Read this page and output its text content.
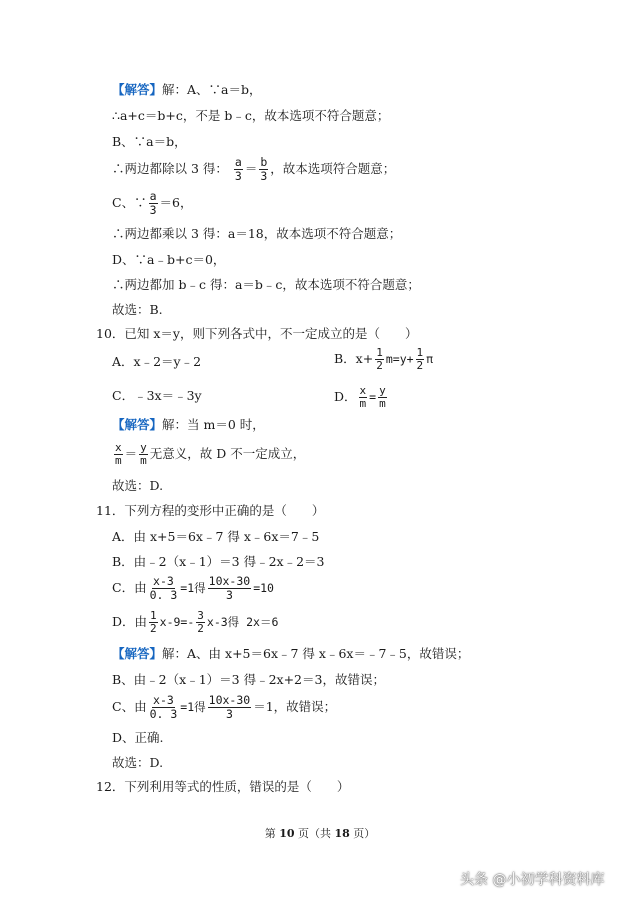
【解答】解：A、∵a＝b，
∴a+c＝b+c，不是 b﹣c，故本选项不符合题意；
B、∵a＝b，
∴两边都除以 3 得： $\frac{a}{3} = \frac{b}{3}$ ，故本选项符合题意；
C、∵ $\frac{a}{3} =6$，
∴两边都乘以 3 得：a＝18，故本选项不符合题意；
D、∵a﹣b+c＝0，
∴两边都加 b﹣c 得：a＝b﹣c，故本选项不符合题意；
故选：B.
10．已知 x＝y，则下列各式中，不一定成立的是（　　）
A．x﹣2＝y﹣2	B．$x+ \frac{1}{2} m=y+ \frac{1}{2}$ π
C．﹣3x＝﹣3y	D． $\frac{x}{m} = \frac{y}{m}$
【解答】解：当 m＝0 时，
$\frac{x}{m} = \frac{y}{m}$ 无意义，故 D 不一定成立，
故选：D.
11．下列方程的变形中正确的是（　　）
A．由 x+5＝6x﹣7 得 x﹣6x＝7﹣5
B．由﹣2（x﹣1）＝3 得﹣2x﹣2＝3
C．由 $\frac{x-3}{0. 3} =1$得 $\frac{10x-30}{3} =10$
D．由 $\frac{1}{2} x-9=- \frac{3}{2} x-3$得 2x＝6
【解答】解：A、由 x+5＝6x﹣7 得 x﹣6x＝﹣7﹣5，故错误；
B、由﹣2（x﹣1）＝3 得﹣2x+2＝3，故错误；
C、由 $\frac{x-3}{0. 3} =1$得 $\frac{10x-30}{3} =1$，故错误；
D、正确.
故选：D.
12．下列利用等式的性质，错误的是（　　）
第 10 页（共 18 页）
头条 @小初学科资料库
